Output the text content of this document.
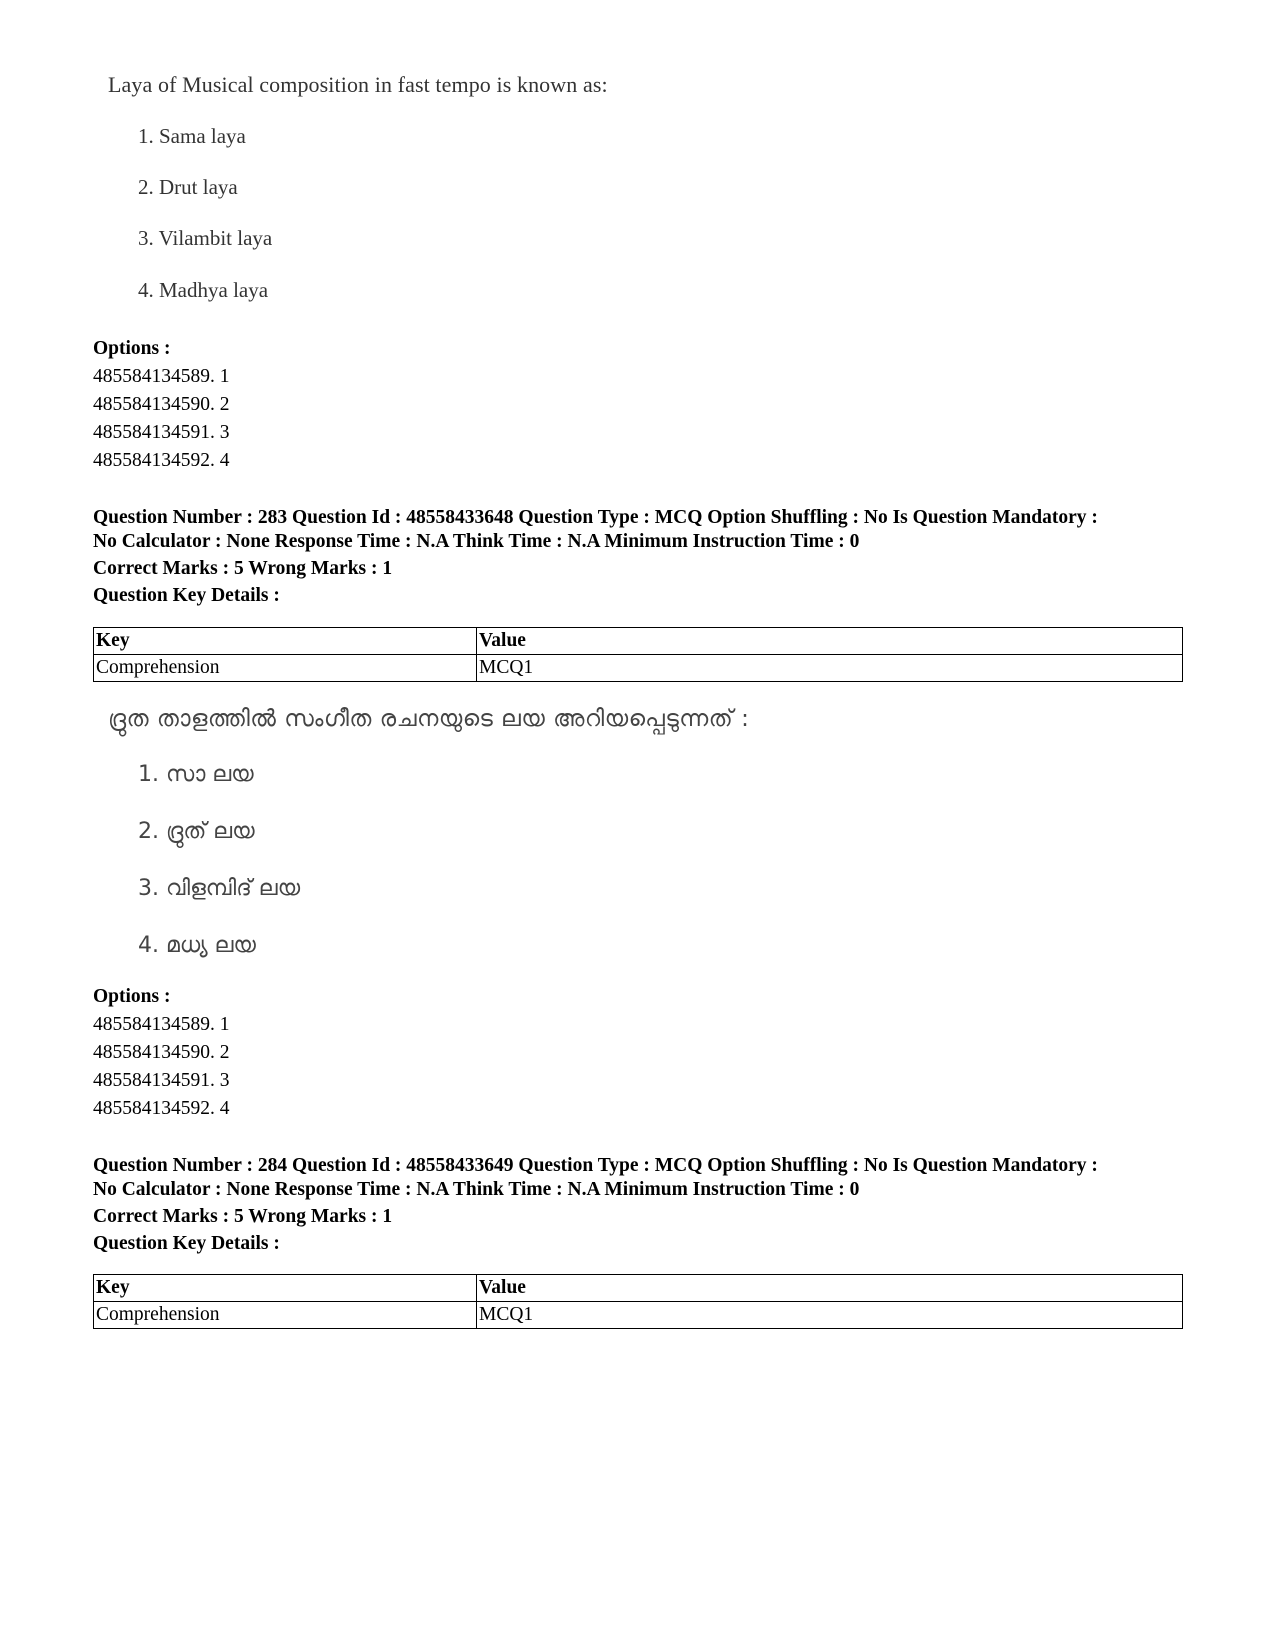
Laya of Musical composition in fast tempo is known as:
1. Sama laya
2. Drut laya
3. Vilambit laya
4. Madhya laya
Options :
485584134589. 1
485584134590. 2
485584134591. 3
485584134592. 4
Question Number : 283 Question Id : 48558433648 Question Type : MCQ Option Shuffling : No Is Question Mandatory :
No Calculator : None Response Time : N.A Think Time : N.A Minimum Instruction Time : 0
Correct Marks : 5 Wrong Marks : 1
Question Key Details :
Key	Value
Comprehension	MCQ1
ദ്രുത താളത്തിൽ സംഗീത രചനയുടെ ലയ അറിയപ്പെടുന്നത് :
1. സാ ലയ
2. ദ്രുത് ലയ
3. വിളമ്പിദ് ലയ
4. മധ്യ ലയ
Options :
485584134589. 1
485584134590. 2
485584134591. 3
485584134592. 4
Question Number : 284 Question Id : 48558433649 Question Type : MCQ Option Shuffling : No Is Question Mandatory :
No Calculator : None Response Time : N.A Think Time : N.A Minimum Instruction Time : 0
Correct Marks : 5 Wrong Marks : 1
Question Key Details :
Key	Value
Comprehension	MCQ1
